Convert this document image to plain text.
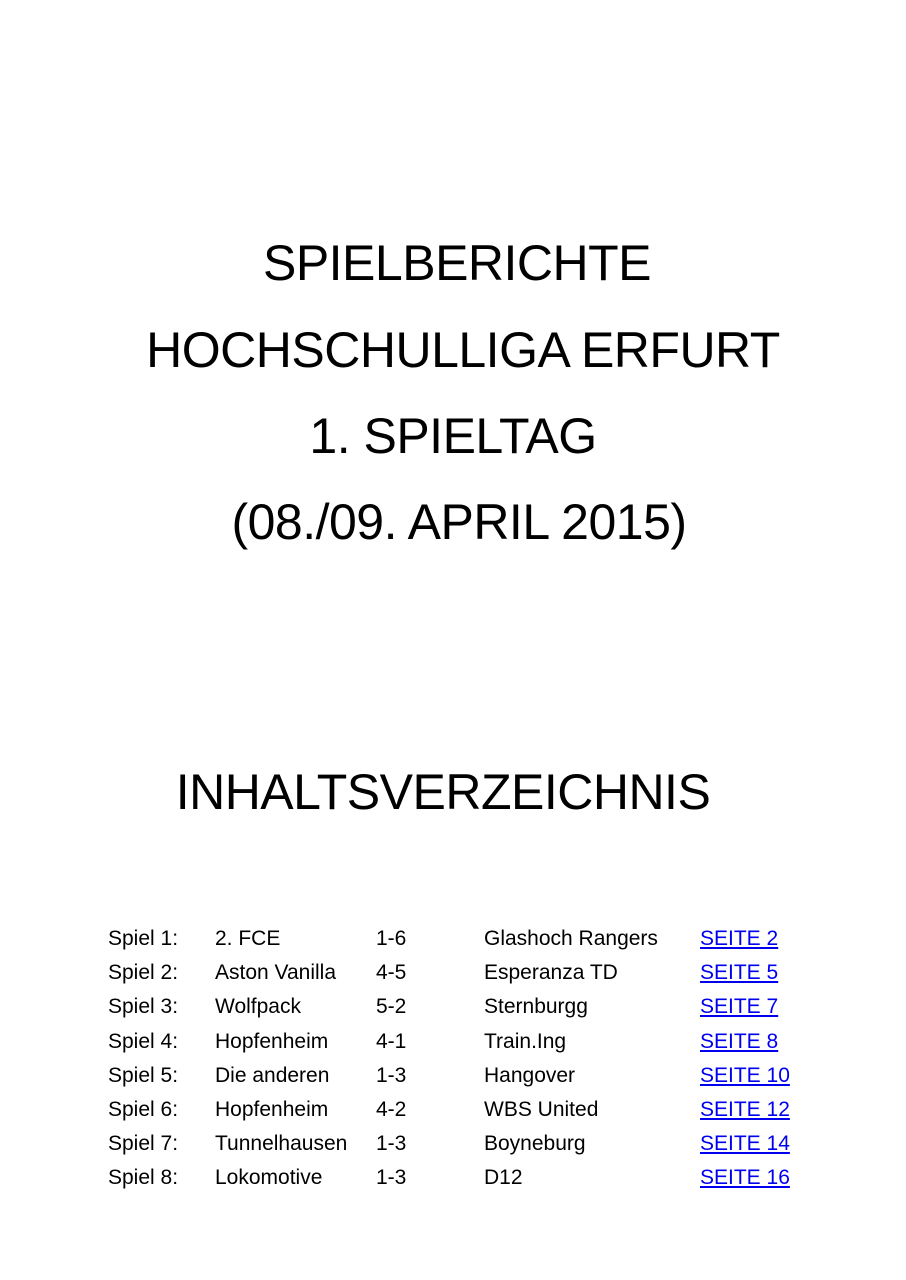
SPIELBERICHTE
HOCHSCHULLIGA ERFURT
1. SPIELTAG
(08./09. APRIL 2015)
INHALTSVERZEICHNIS
Spiel 1: 2. FCE	1-6	Glashoch Rangers SEITE 2
Spiel 2: Aston Vanilla 4-5	Esperanza TD	SEITE 5
Spiel 3: Wolfpack	5-2	Sternburgg	SEITE 7
Spiel 4: Hopfenheim 4-1	Train.Ing	SEITE 8
Spiel 5: Die anderen 1-3	Hangover	SEITE 10
Spiel 6: Hopfenheim 4-2	WBS United	SEITE 12
Spiel 7: Tunnelhausen 1-3	Boyneburg	SEITE 14
Spiel 8: Lokomotive	1-3	D12	SEITE 16
